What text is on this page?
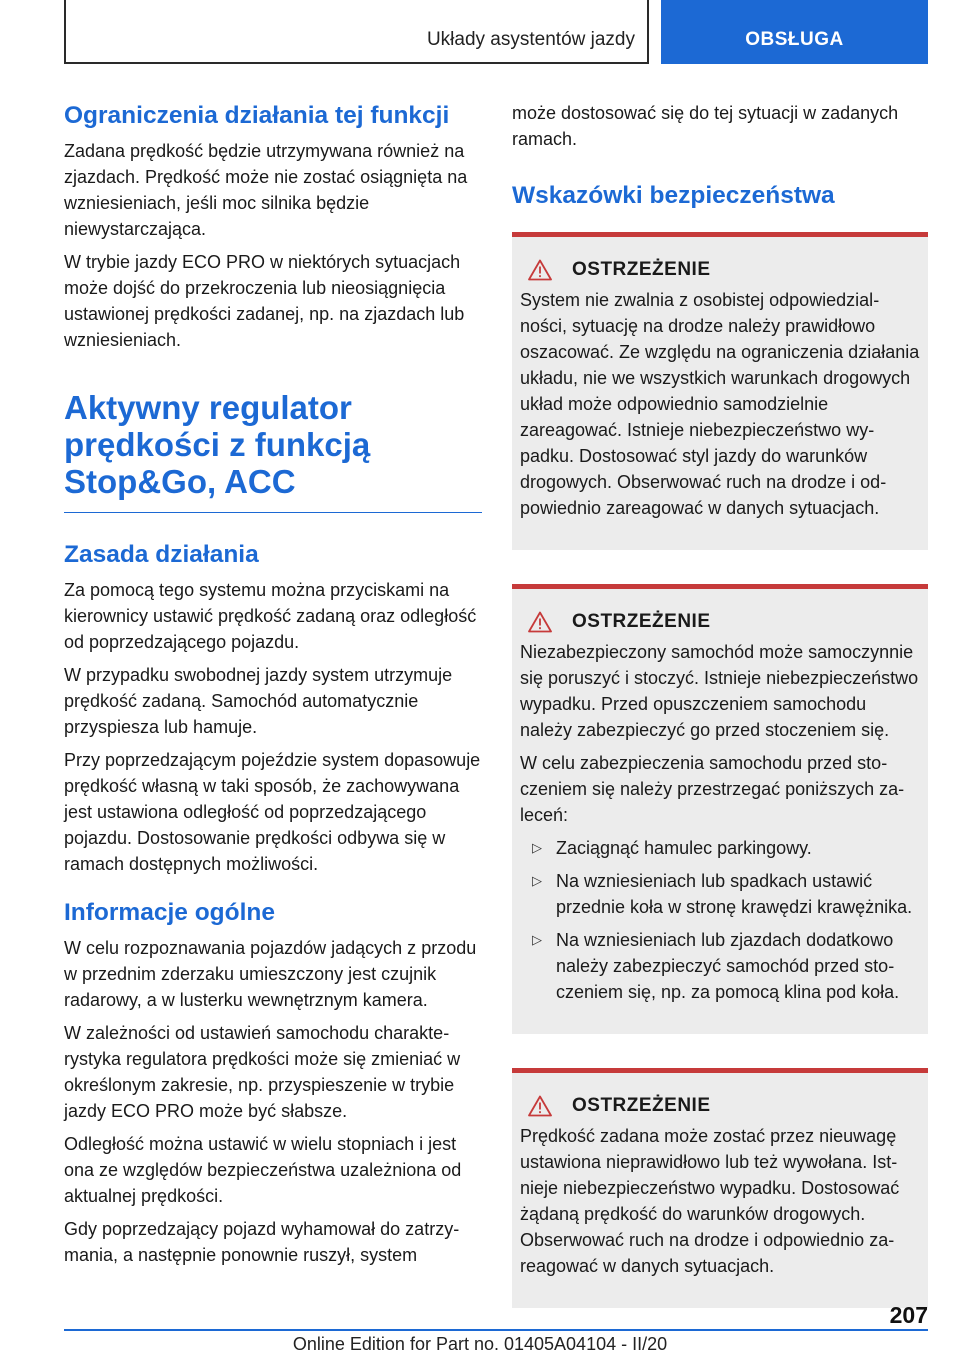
Układy asystentów jazdy	OBSŁUGA
Ograniczenia działania tej funkcji

Zadana prędkość będzie utrzymywana również na zjazdach. Prędkość może nie zostać osiągnięta na wzniesieniach, jeśli moc silnika będzie niewystarczająca.

W trybie jazdy ECO PRO w niektórych sytuacjach może dojść do przekroczenia lub nieosiągnięcia ustawionej prędkości zadanej, np. na zjazdach lub wzniesieniach.

Aktywny regulator prędkości z funkcją Stop&Go, ACC
Zasada działania

Za pomocą tego systemu można przyciskami na kierownicy ustawić prędkość zadaną oraz odległość od poprzedzającego pojazdu.

W przypadku swobodnej jazdy system utrzymuje prędkość zadaną. Samochód automatycznie przyspiesza lub hamuje.

Przy poprzedzającym pojeździe system dopasowuje prędkość własną w taki sposób, że zachowywana jest ustawiona odległość od poprzedzającego pojazdu. Dostosowanie prędkości odbywa się w ramach dostępnych możliwości.

Informacje ogólne

W celu rozpoznawania pojazdów jadących z przodu w przednim zderzaku umieszczony jest czujnik radarowy, a w lusterku wewnętrznym kamera.

W zależności od ustawień samochodu charakterystyka regulatora prędkości może się zmieniać w określonym zakresie, np. przyspieszenie w trybie jazdy ECO PRO może być słabsze.

Odległość można ustawić w wielu stopniach i jest ona ze względów bezpieczeństwa uzależniona od aktualnej prędkości.

Gdy poprzedzający pojazd wyhamował do zatrzymania, a następnie ponownie ruszył, system

może dostosować się do tej sytuacji w zadanych ramach.

Wskazówki bezpieczeństwa
OSTRZEŻENIE

System nie zwalnia z osobistej odpowiedzialności, sytuację na drodze należy prawidłowo oszacować. Ze względu na ograniczenia działania układu, nie we wszystkich warunkach drogowych układ może odpowiednio samodzielnie zareagować. Istnieje niebezpieczeństwo wypadku. Dostosować styl jazdy do warunków drogowych. Obserwować ruch na drodze i odpowiednio zareagować w danych sytuacjach.

OSTRZEŻENIE

Niezabezpieczony samochód może samoczynnie się poruszyć i stoczyć. Istnieje niebezpieczeństwo wypadku. Przed opuszczeniem samochodu należy zabezpieczyć go przed stoczeniem się.

W celu zabezpieczenia samochodu przed stoczeniem się należy przestrzegać poniższych zaleceń:

▷ Zaciągnąć hamulec parkingowy.
▷ Na wzniesieniach lub spadkach ustawić przednie koła w stronę krawędzi krawężnika.
▷ Na wzniesieniach lub zjazdach dodatkowo należy zabezpieczyć samochód przed stoczeniem się, np. za pomocą klina pod koła.
OSTRZEŻENIE

Prędkość zadana może zostać przez nieuwagę ustawiona nieprawidłowo lub też wywołana. Istnieje niebezpieczeństwo wypadku. Dostosować żądaną prędkość do warunków drogowych. Obserwować ruch na drodze i odpowiednio zareagować w danych sytuacjach.

207
Online Edition for Part no. 01405A04104 - II/20
